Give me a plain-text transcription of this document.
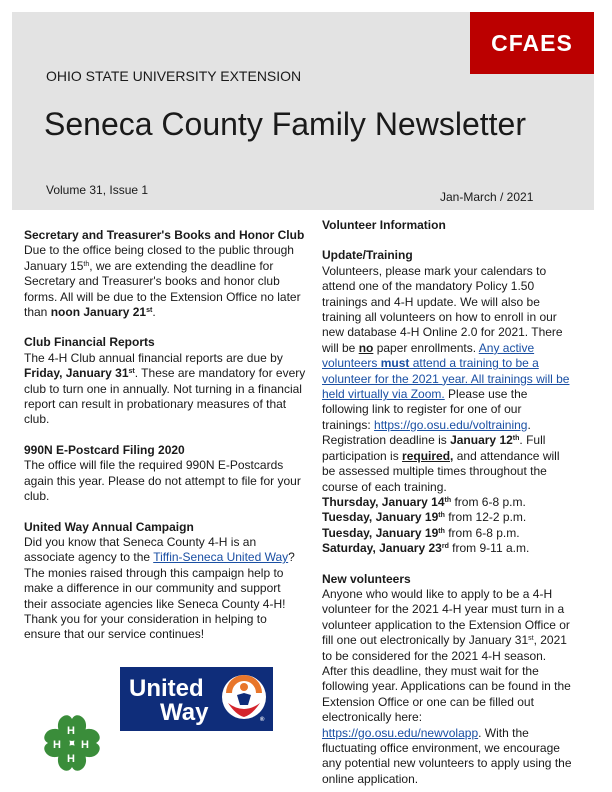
CFAES
OHIO STATE UNIVERSITY EXTENSION
Seneca County Family Newsletter
Volume 31, Issue 1	Jan-March / 2021

Secretary and Treasurer's Books and Honor Club

Due to the office being closed to the public through January 15th, we are extending the deadline for Secretary and Treasurer's books and honor club forms. All will be due to the Extension Office no later than noon January 21st.

Club Financial Reports

The 4-H Club annual financial reports are due by Friday, January 31st. These are mandatory for every club to turn one in annually. Not turning in a financial report can result in probationary measures of that club.

990N E-Postcard Filing 2020

The office will file the required 990N E-Postcards again this year. Please do not attempt to file for your club.

United Way Annual Campaign

Did you know that Seneca County 4-H is an associate agency to the Tiffin-Seneca United Way? The monies raised through this campaign help to make a difference in our community and support their associate agencies like Seneca County 4-H! Thank you for your consideration in helping to ensure that our service continues!

United
Way	®
H
H
H
H

Volunteer Information

Update/Training

Volunteers, please mark your calendars to attend one of the mandatory Policy 1.50 trainings and 4-H update. We will also be training all volunteers on how to enroll in our new database 4-H Online 2.0 for 2021. There will be no paper enrollments. Any active volunteers must attend a training to be a volunteer for the 2021 year. All trainings will be held virtually via Zoom. Please use the following link to register for one of our trainings: https://go.osu.edu/voltraining. Registration deadline is January 12th. Full participation is required, and attendance will be assessed multiple times throughout the course of each training.

Thursday, January 14th from 6-8 p.m.

Tuesday, January 19th from 12-2 p.m.

Tuesday, January 19th from 6-8 p.m.

Saturday, January 23rd from 9-11 a.m.

New volunteers

Anyone who would like to apply to be a 4-H volunteer for the 2021 4-H year must turn in a volunteer application to the Extension Office or fill one out electronically by January 31st, 2021 to be considered for the 2021 4-H season. After this deadline, they must wait for the following year. Applications can be found in the Extension Office or one can be filled out electronically here: https://go.osu.edu/newvolapp. With the fluctuating office environment, we encourage any potential new volunteers to apply using the online application.
